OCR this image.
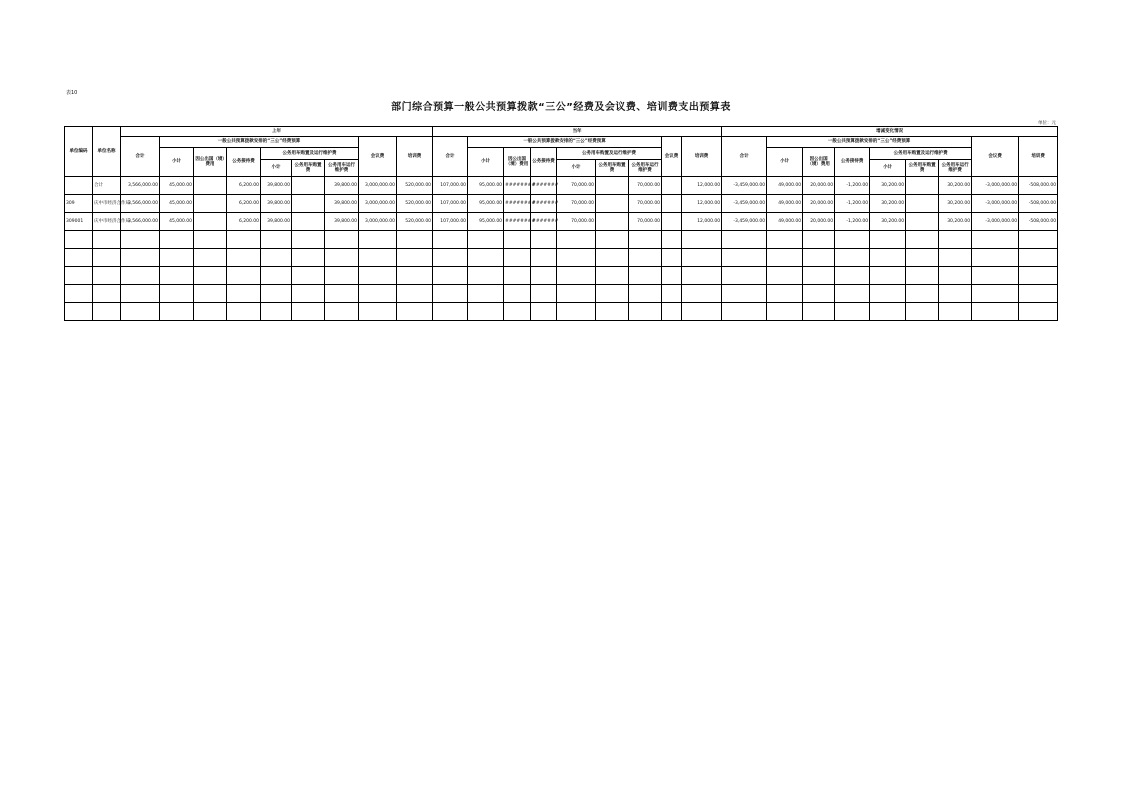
表10
部门综合预算一般公共预算拨款“三公”经费及会议费、培训费支出预算表
单位：元
单位编码	单位名称	上年									当年									增减变化情况								
		合计	一般公共预算拨款安排的“三公”经费预算						会议费	培训费	合计	一般公共预算拨款安排的“三公”经费预算						会议费	培训费	合计	一般公共预算拨款安排的“三公”经费预算						会议费	培训费
			小计	因公出国（境）费用	公务接待费	公务用车购置及运行维护费						小计	因公出国（境）费用	公务接待费	公务用车购置及运行维护费						小计	因公出国（境）费用	公务接待费	公务用车购置及运行维护费				
						小计	公务用车购置费	公务用车运行维护费							小计	公务用车购置费	公务用车运行维护费							小计	公务用车购置费	公务用车运行维护费		
	合计	3,566,000.00	45,000.00		6,200.00	39,800.00		39,800.00	3,000,000.00	520,000.00	107,000.00	95,000.00	########	#######	70,000.00		70,000.00		12,000.00	-3,459,000.00	49,000.00	20,000.00	-1,200.00	30,200.00		30,200.00	-3,000,000.00	-508,000.00
309	庆中市经济合作局	3,566,000.00	45,000.00		6,200.00	39,800.00		39,800.00	3,000,000.00	520,000.00	107,000.00	95,000.00	########	#######	70,000.00		70,000.00		12,000.00	-3,459,000.00	49,000.00	20,000.00	-1,200.00	30,200.00		30,200.00	-3,000,000.00	-508,000.00
309001	庆中市经济合作局	3,566,000.00	45,000.00		6,200.00	39,800.00		39,800.00	3,000,000.00	520,000.00	107,000.00	95,000.00	########	#######	70,000.00		70,000.00		12,000.00	-3,459,000.00	49,000.00	20,000.00	-1,200.00	30,200.00		30,200.00	-3,000,000.00	-508,000.00
